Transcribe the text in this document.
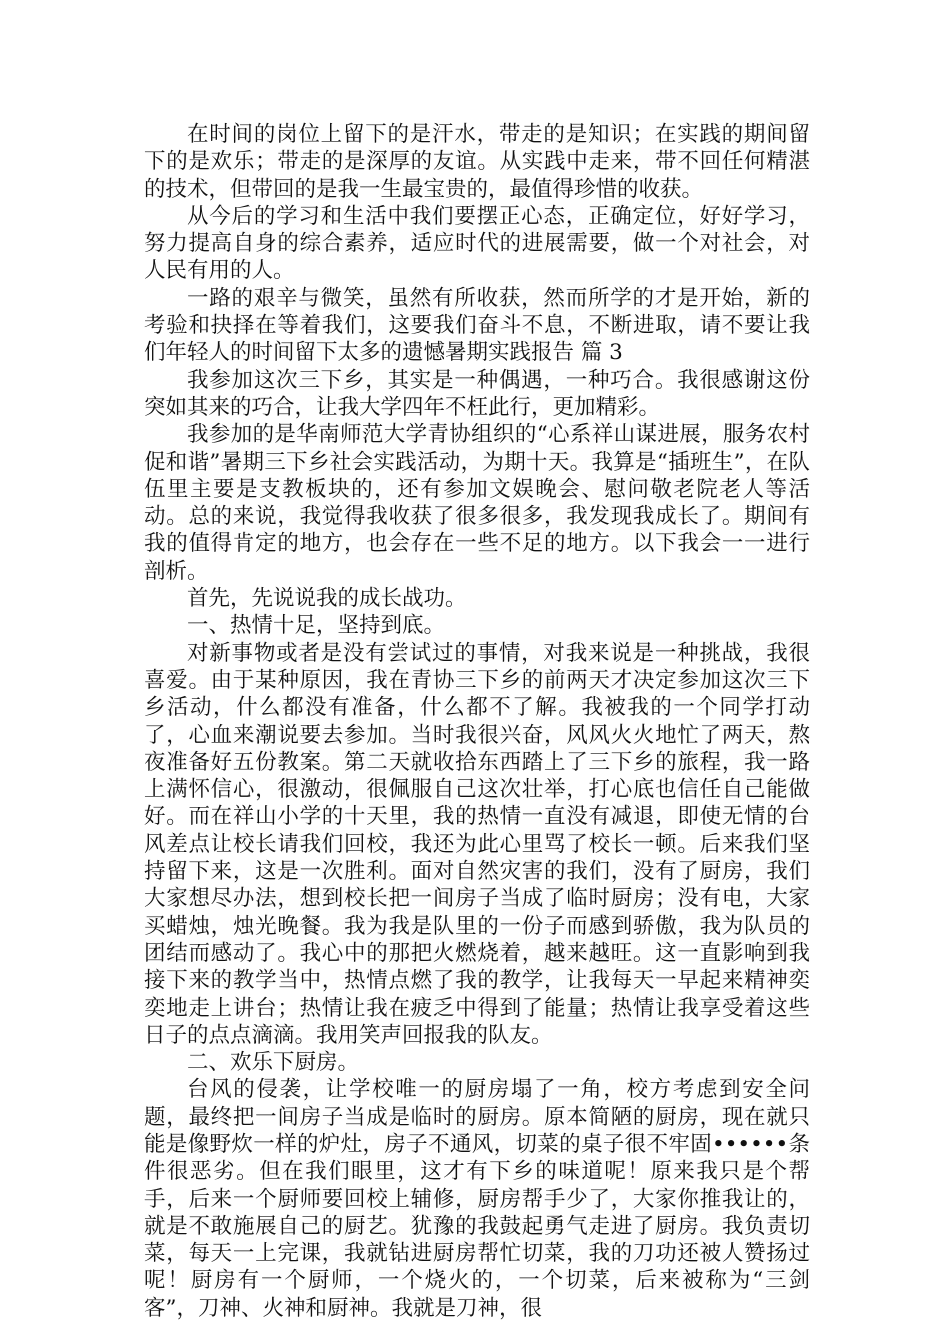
在时间的岗位上留下的是汗水，带走的是知识；在实践的期间留下的是欢乐；带走的是深厚的友谊。从实践中走来，带不回任何精湛的技术，但带回的是我一生最宝贵的，最值得珍惜的收获。

从今后的学习和生活中我们要摆正心态，正确定位，好好学习，努力提高自身的综合素养，适应时代的进展需要，做一个对社会，对人民有用的人。

一路的艰辛与微笑，虽然有所收获，然而所学的才是开始，新的考验和抉择在等着我们，这要我们奋斗不息，不断进取，请不要让我们年轻人的时间留下太多的遗憾暑期实践报告 篇 3

我参加这次三下乡，其实是一种偶遇，一种巧合。我很感谢这份突如其来的巧合，让我大学四年不枉此行，更加精彩。

我参加的是华南师范大学青协组织的“心系祥山谋进展，服务农村促和谐”暑期三下乡社会实践活动，为期十天。我算是“插班生”，在队伍里主要是支教板块的，还有参加文娱晚会、慰问敬老院老人等活动。总的来说，我觉得我收获了很多很多，我发现我成长了。期间有我的值得肯定的地方，也会存在一些不足的地方。以下我会一一进行剖析。

首先，先说说我的成长战功。

一、热情十足，坚持到底。

对新事物或者是没有尝试过的事情，对我来说是一种挑战，我很喜爱。由于某种原因，我在青协三下乡的前两天才决定参加这次三下乡活动，什么都没有准备，什么都不了解。我被我的一个同学打动了，心血来潮说要去参加。当时我很兴奋，风风火火地忙了两天，熬夜准备好五份教案。第二天就收拾东西踏上了三下乡的旅程，我一路上满怀信心，很激动，很佩服自己这次壮举，打心底也信任自己能做好。而在祥山小学的十天里，我的热情一直没有减退，即使无情的台风差点让校长请我们回校，我还为此心里骂了校长一顿。后来我们坚持留下来，这是一次胜利。面对自然灾害的我们，没有了厨房，我们大家想尽办法，想到校长把一间房子当成了临时厨房；没有电，大家买蜡烛，烛光晚餐。我为我是队里的一份子而感到骄傲，我为队员的团结而感动了。我心中的那把火燃烧着，越来越旺。这一直影响到我接下来的教学当中，热情点燃了我的教学，让我每天一早起来精神奕奕地走上讲台；热情让我在疲乏中得到了能量；热情让我享受着这些日子的点点滴滴。我用笑声回报我的队友。

二、欢乐下厨房。

台风的侵袭，让学校唯一的厨房塌了一角，校方考虑到安全问题，最终把一间房子当成是临时的厨房。原本简陋的厨房，现在就只能是像野炊一样的炉灶，房子不通风，切菜的桌子很不牢固••••••条件很恶劣。但在我们眼里，这才有下乡的味道呢！原来我只是个帮手，后来一个厨师要回校上辅修，厨房帮手少了，大家你推我让的，就是不敢施展自己的厨艺。犹豫的我鼓起勇气走进了厨房。我负责切菜，每天一上完课，我就钻进厨房帮忙切菜，我的刀功还被人赞扬过呢！厨房有一个厨师，一个烧火的，一个切菜，后来被称为“三剑客”，刀神、火神和厨神。我就是刀神，很
